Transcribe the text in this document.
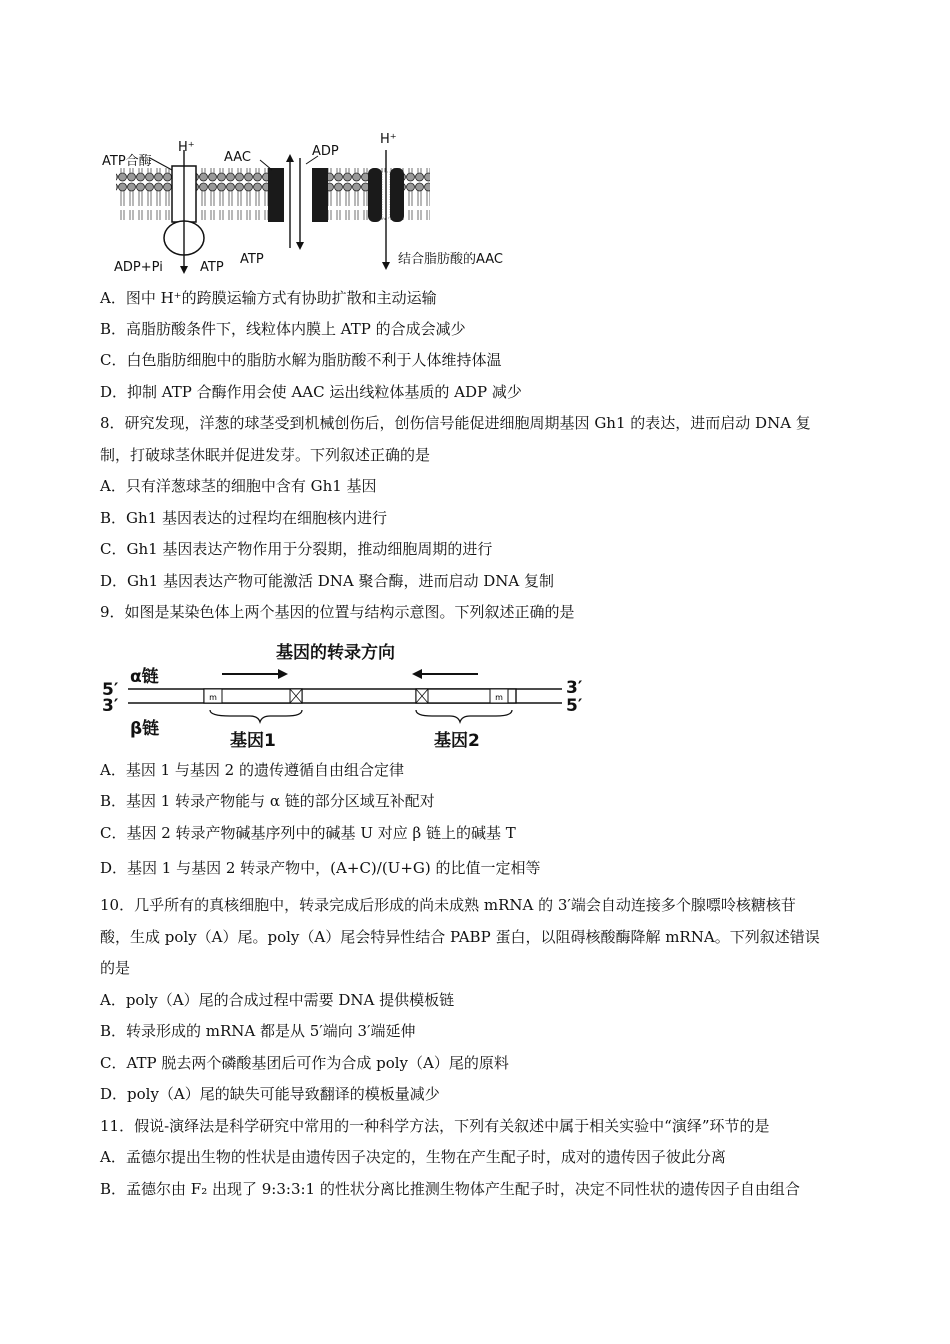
ATP合酶
H⁺
AAC	ADP
H⁺
ADP+Pi	ATP
ATP	结合脂肪酸的AAC
A．图中 H⁺的跨膜运输方式有协助扩散和主动运输
B．高脂肪酸条件下，线粒体内膜上 ATP 的合成会减少
C．白色脂肪细胞中的脂肪水解为脂肪酸不利于人体维持体温
D．抑制 ATP 合酶作用会使 AAC 运出线粒体基质的 ADP 减少
8．研究发现，洋葱的球茎受到机械创伤后，创伤信号能促进细胞周期基因 Gh1 的表达，进而启动 DNA 复
制，打破球茎休眠并促进发芽。下列叙述正确的是
A．只有洋葱球茎的细胞中含有 Gh1 基因
B．Gh1 基因表达的过程均在细胞核内进行
C．Gh1 基因表达产物作用于分裂期，推动细胞周期的进行
D．Gh1 基因表达产物可能激活 DNA 聚合酶，进而启动 DNA 复制
9．如图是某染色体上两个基因的位置与结构示意图。下列叙述正确的是
m	m
基因的转录方向
α链
5′
3′
3′
5′
β链
基因1	基因2
A．基因 1 与基因 2 的遗传遵循自由组合定律
B．基因 1 转录产物能与 α 链的部分区域互补配对
C．基因 2 转录产物碱基序列中的碱基 U 对应 β 链上的碱基 T
D．基因 1 与基因 2 转录产物中，(A+C)/(U+G) 的比值一定相等
10．几乎所有的真核细胞中，转录完成后形成的尚未成熟 mRNA 的 3′端会自动连接多个腺嘌呤核糖核苷
酸，生成 poly（A）尾。poly（A）尾会特异性结合 PABP 蛋白，以阻碍核酸酶降解 mRNA。下列叙述错误
的是
A．poly（A）尾的合成过程中需要 DNA 提供模板链
B．转录形成的 mRNA 都是从 5′端向 3′端延伸
C．ATP 脱去两个磷酸基团后可作为合成 poly（A）尾的原料
D．poly（A）尾的缺失可能导致翻译的模板量减少
11．假说-演绎法是科学研究中常用的一种科学方法，下列有关叙述中属于相关实验中“演绎”环节的是
A．孟德尔提出生物的性状是由遗传因子决定的，生物在产生配子时，成对的遗传因子彼此分离
B．孟德尔由 F₂ 出现了 9:3:3:1 的性状分离比推测生物体产生配子时，决定不同性状的遗传因子自由组合
